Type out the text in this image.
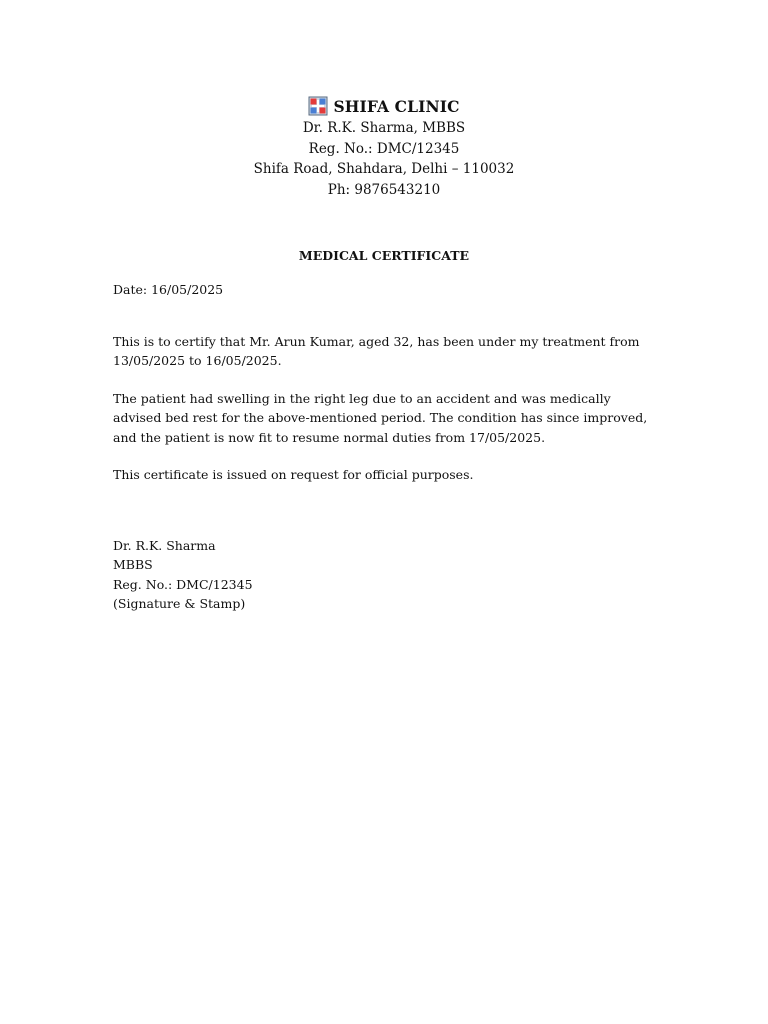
SHIFA CLINIC
Dr. R.K. Sharma, MBBS
Reg. No.: DMC/12345
Shifa Road, Shahdara, Delhi – 110032
Ph: 9876543210
MEDICAL CERTIFICATE

Date: 16/05/2025

This is to certify that Mr. Arun Kumar, aged 32, has been under my treatment from 13/05/2025 to 16/05/2025.

The patient had swelling in the right leg due to an accident and was medically advised bed rest for the above-mentioned period. The condition has since improved, and the patient is now fit to resume normal duties from 17/05/2025.

This certificate is issued on request for official purposes.

Dr. R.K. Sharma

MBBS

Reg. No.: DMC/12345

(Signature & Stamp)
